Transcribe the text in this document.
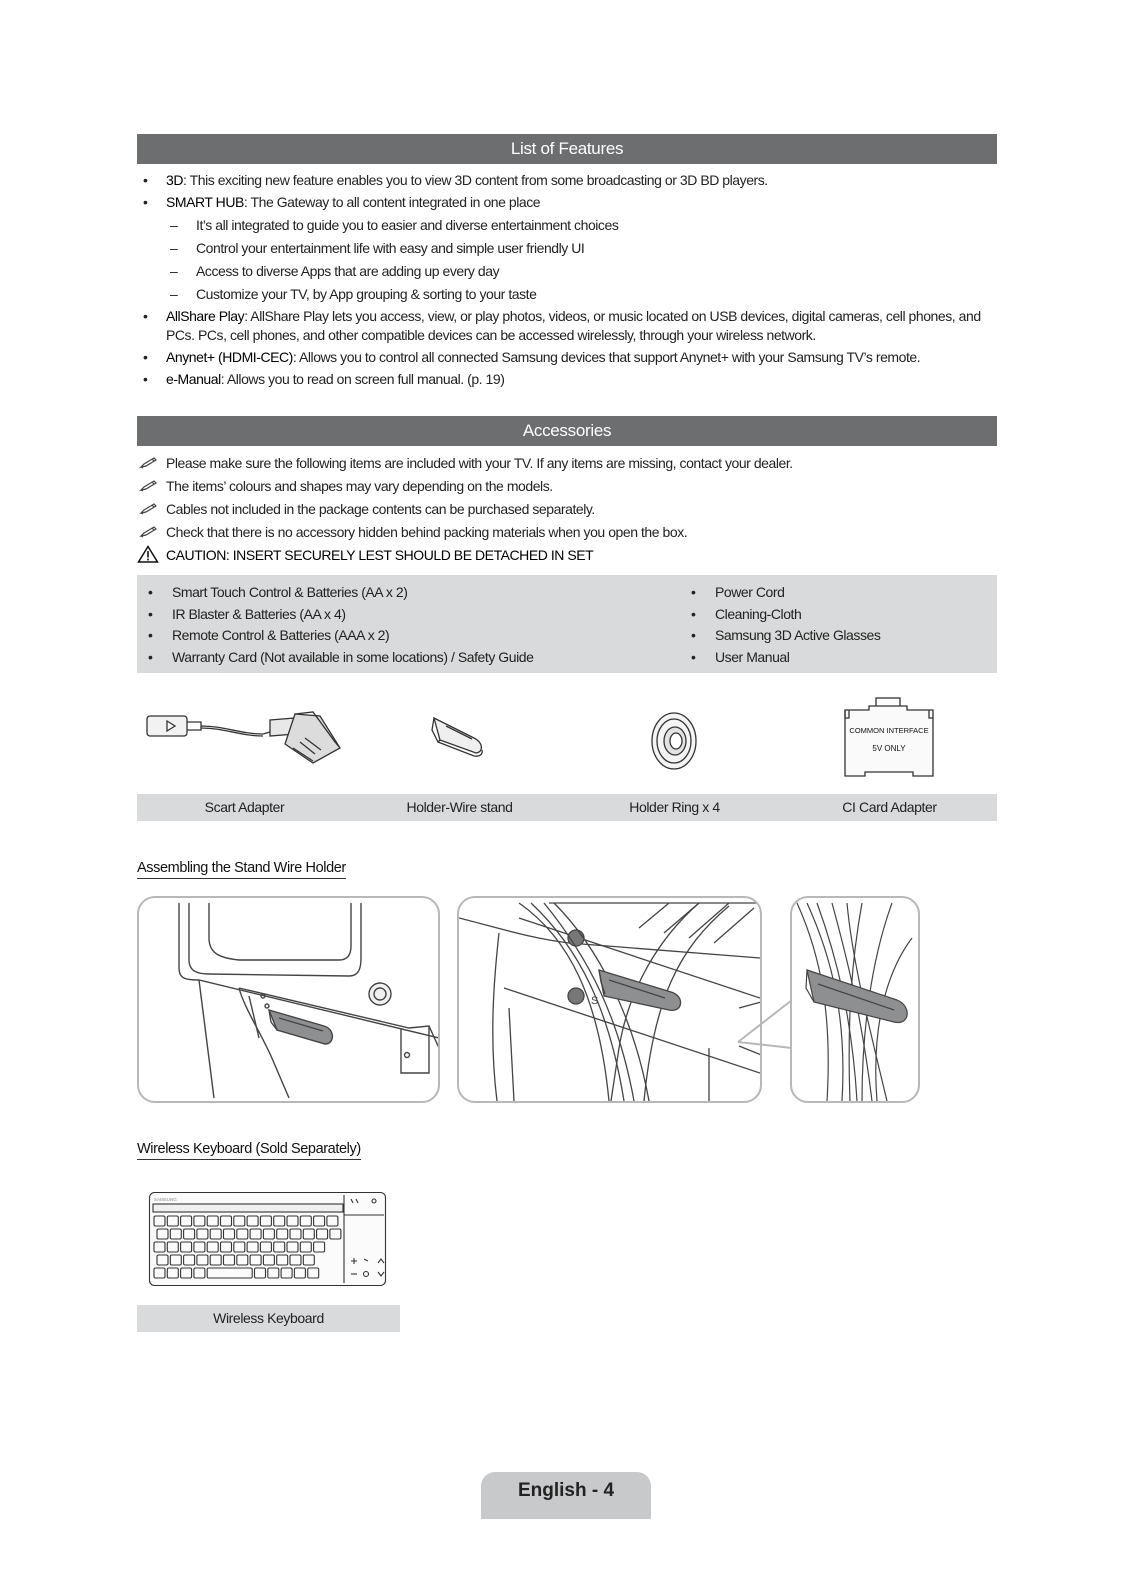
List of Features
• 3D: This exciting new feature enables you to view 3D content from some broadcasting or 3D BD players.
• SMART HUB: The Gateway to all content integrated in one place
– It’s all integrated to guide you to easier and diverse entertainment choices
– Control your entertainment life with easy and simple user friendly UI
– Access to diverse Apps that are adding up every day
– Customize your TV, by App grouping & sorting to your taste
• AllShare Play: AllShare Play lets you access, view, or play photos, videos, or music located on USB devices, digital cameras, cell phones, and PCs. PCs, cell phones, and other compatible devices can be accessed wirelessly, through your wireless network.
• Anynet+ (HDMI-CEC): Allows you to control all connected Samsung devices that support Anynet+ with your Samsung TV’s remote.
• e-Manual: Allows you to read on screen full manual. (p. 19)
Accessories
Please make sure the following items are included with your TV. If any items are missing, contact your dealer.
The items’ colours and shapes may vary depending on the models.
Cables not included in the package contents can be purchased separately.
Check that there is no accessory hidden behind packing materials when you open the box.
CAUTION: INSERT SECURELY LEST SHOULD BE DETACHED IN SET
• Smart Touch Control & Batteries (AA x 2)
• IR Blaster & Batteries (AA x 4)
• Remote Control & Batteries (AAA x 2)
• Warranty Card (Not available in some locations) / Safety Guide
• Power Cord
• Cleaning-Cloth
• Samsung 3D Active Glasses
• User Manual
COMMON INTERFACE
5V ONLY
Scart Adapter	Holder-Wire stand	Holder Ring x 4	CI Card Adapter
Assembling the Stand Wire Holder
S
Wireless Keyboard (Sold Separately)
SAMSUNG
Wireless Keyboard
English - 4
